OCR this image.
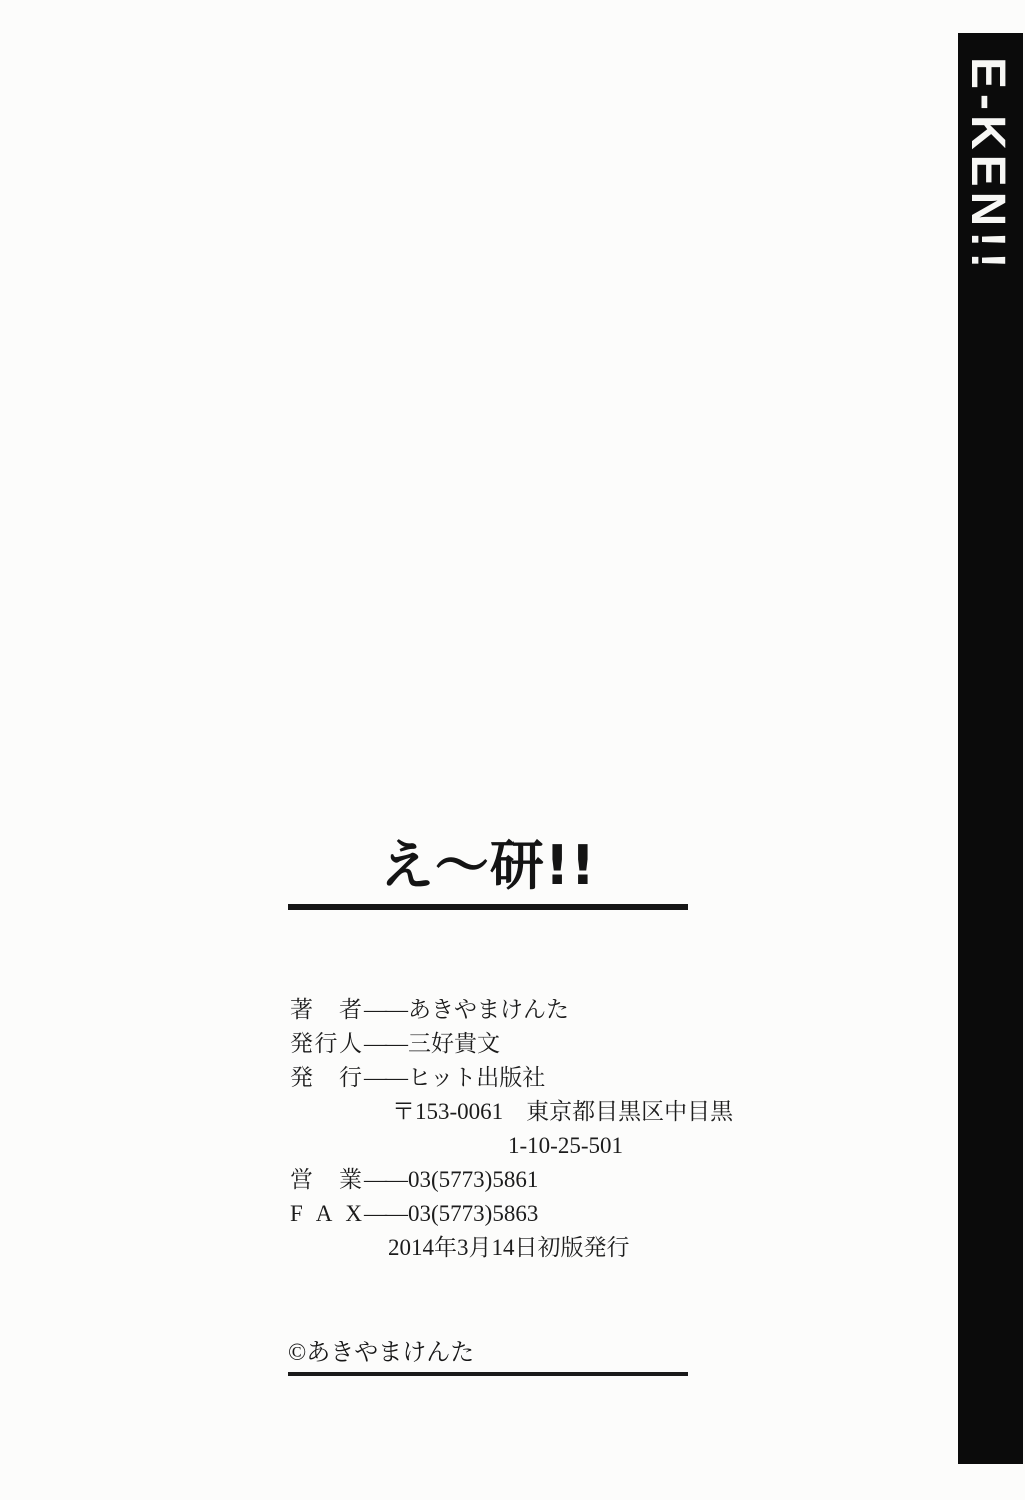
E-KEN!!
え〜研!!
著者——あきやまけんた
発行人——三好貴文
発行——ヒット出版社
〒153-0061　東京都目黒区中目黒
1-10-25-501
営業——03(5773)5861
F A X——03(5773)5863
2014年3月14日初版発行
©あきやまけんた
